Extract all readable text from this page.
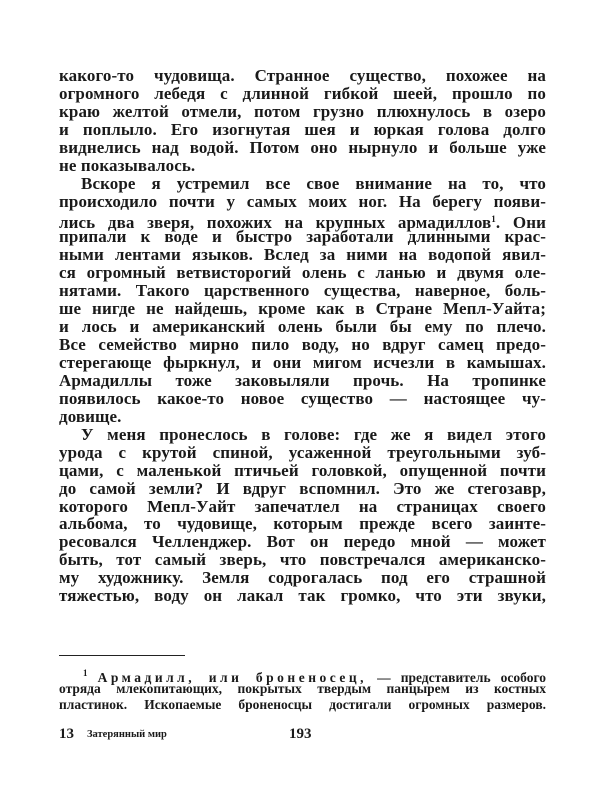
какого-то чудовища. Странное существо, похожее на
огромного лебедя с длинной гибкой шеей, прошло по
краю желтой отмели, потом грузно плюхнулось в озеро
и поплыло. Его изогнутая шея и юркая голова долго
виднелись над водой. Потом оно нырнуло и больше уже
не показывалось.
Вскоре я устремил все свое внимание на то, что
происходило почти у самых моих ног. На берегу появи-
лись два зверя, похожих на крупных армадиллов$^1$. Они
припали к воде и быстро заработали длинными крас-
ными лентами языков. Вслед за ними на водопой явил-
ся огромный ветвисторогий олень с ланью и двумя оле-
нятами. Такого царственного существа, наверное, боль-
ше нигде не найдешь, кроме как в Стране Мепл-Уайта;
и лось и американский олень были бы ему по плечо.
Все семейство мирно пило воду, но вдруг самец предо-
стерегающе фыркнул, и они мигом исчезли в камышах.
Армадиллы тоже заковыляли прочь. На тропинке
появилось какое-то новое существо — настоящее чу-
довище.
У меня пронеслось в голове: где же я видел этого
урода с крутой спиной, усаженной треугольными зуб-
цами, с маленькой птичьей головкой, опущенной почти
до самой земли? И вдруг вспомнил. Это же стегозавр,
которого Мепл-Уайт запечатлел на страницах своего
альбома, то чудовище, которым прежде всего заинте-
ресовался Челленджер. Вот он передо мной — может
быть, тот самый зверь, что повстречался американско-
му художнику. Земля содрогалась под его страшной
тяжестью, воду он лакал так громко, что эти звуки,
$^1$ Армадилл, или броненосец, — представитель особого
отряда млекопитающих, покрытых твердым панцырем из костных
пластинок. Ископаемые броненосцы достигали огромных размеров.
13 Затерянный мир	193
